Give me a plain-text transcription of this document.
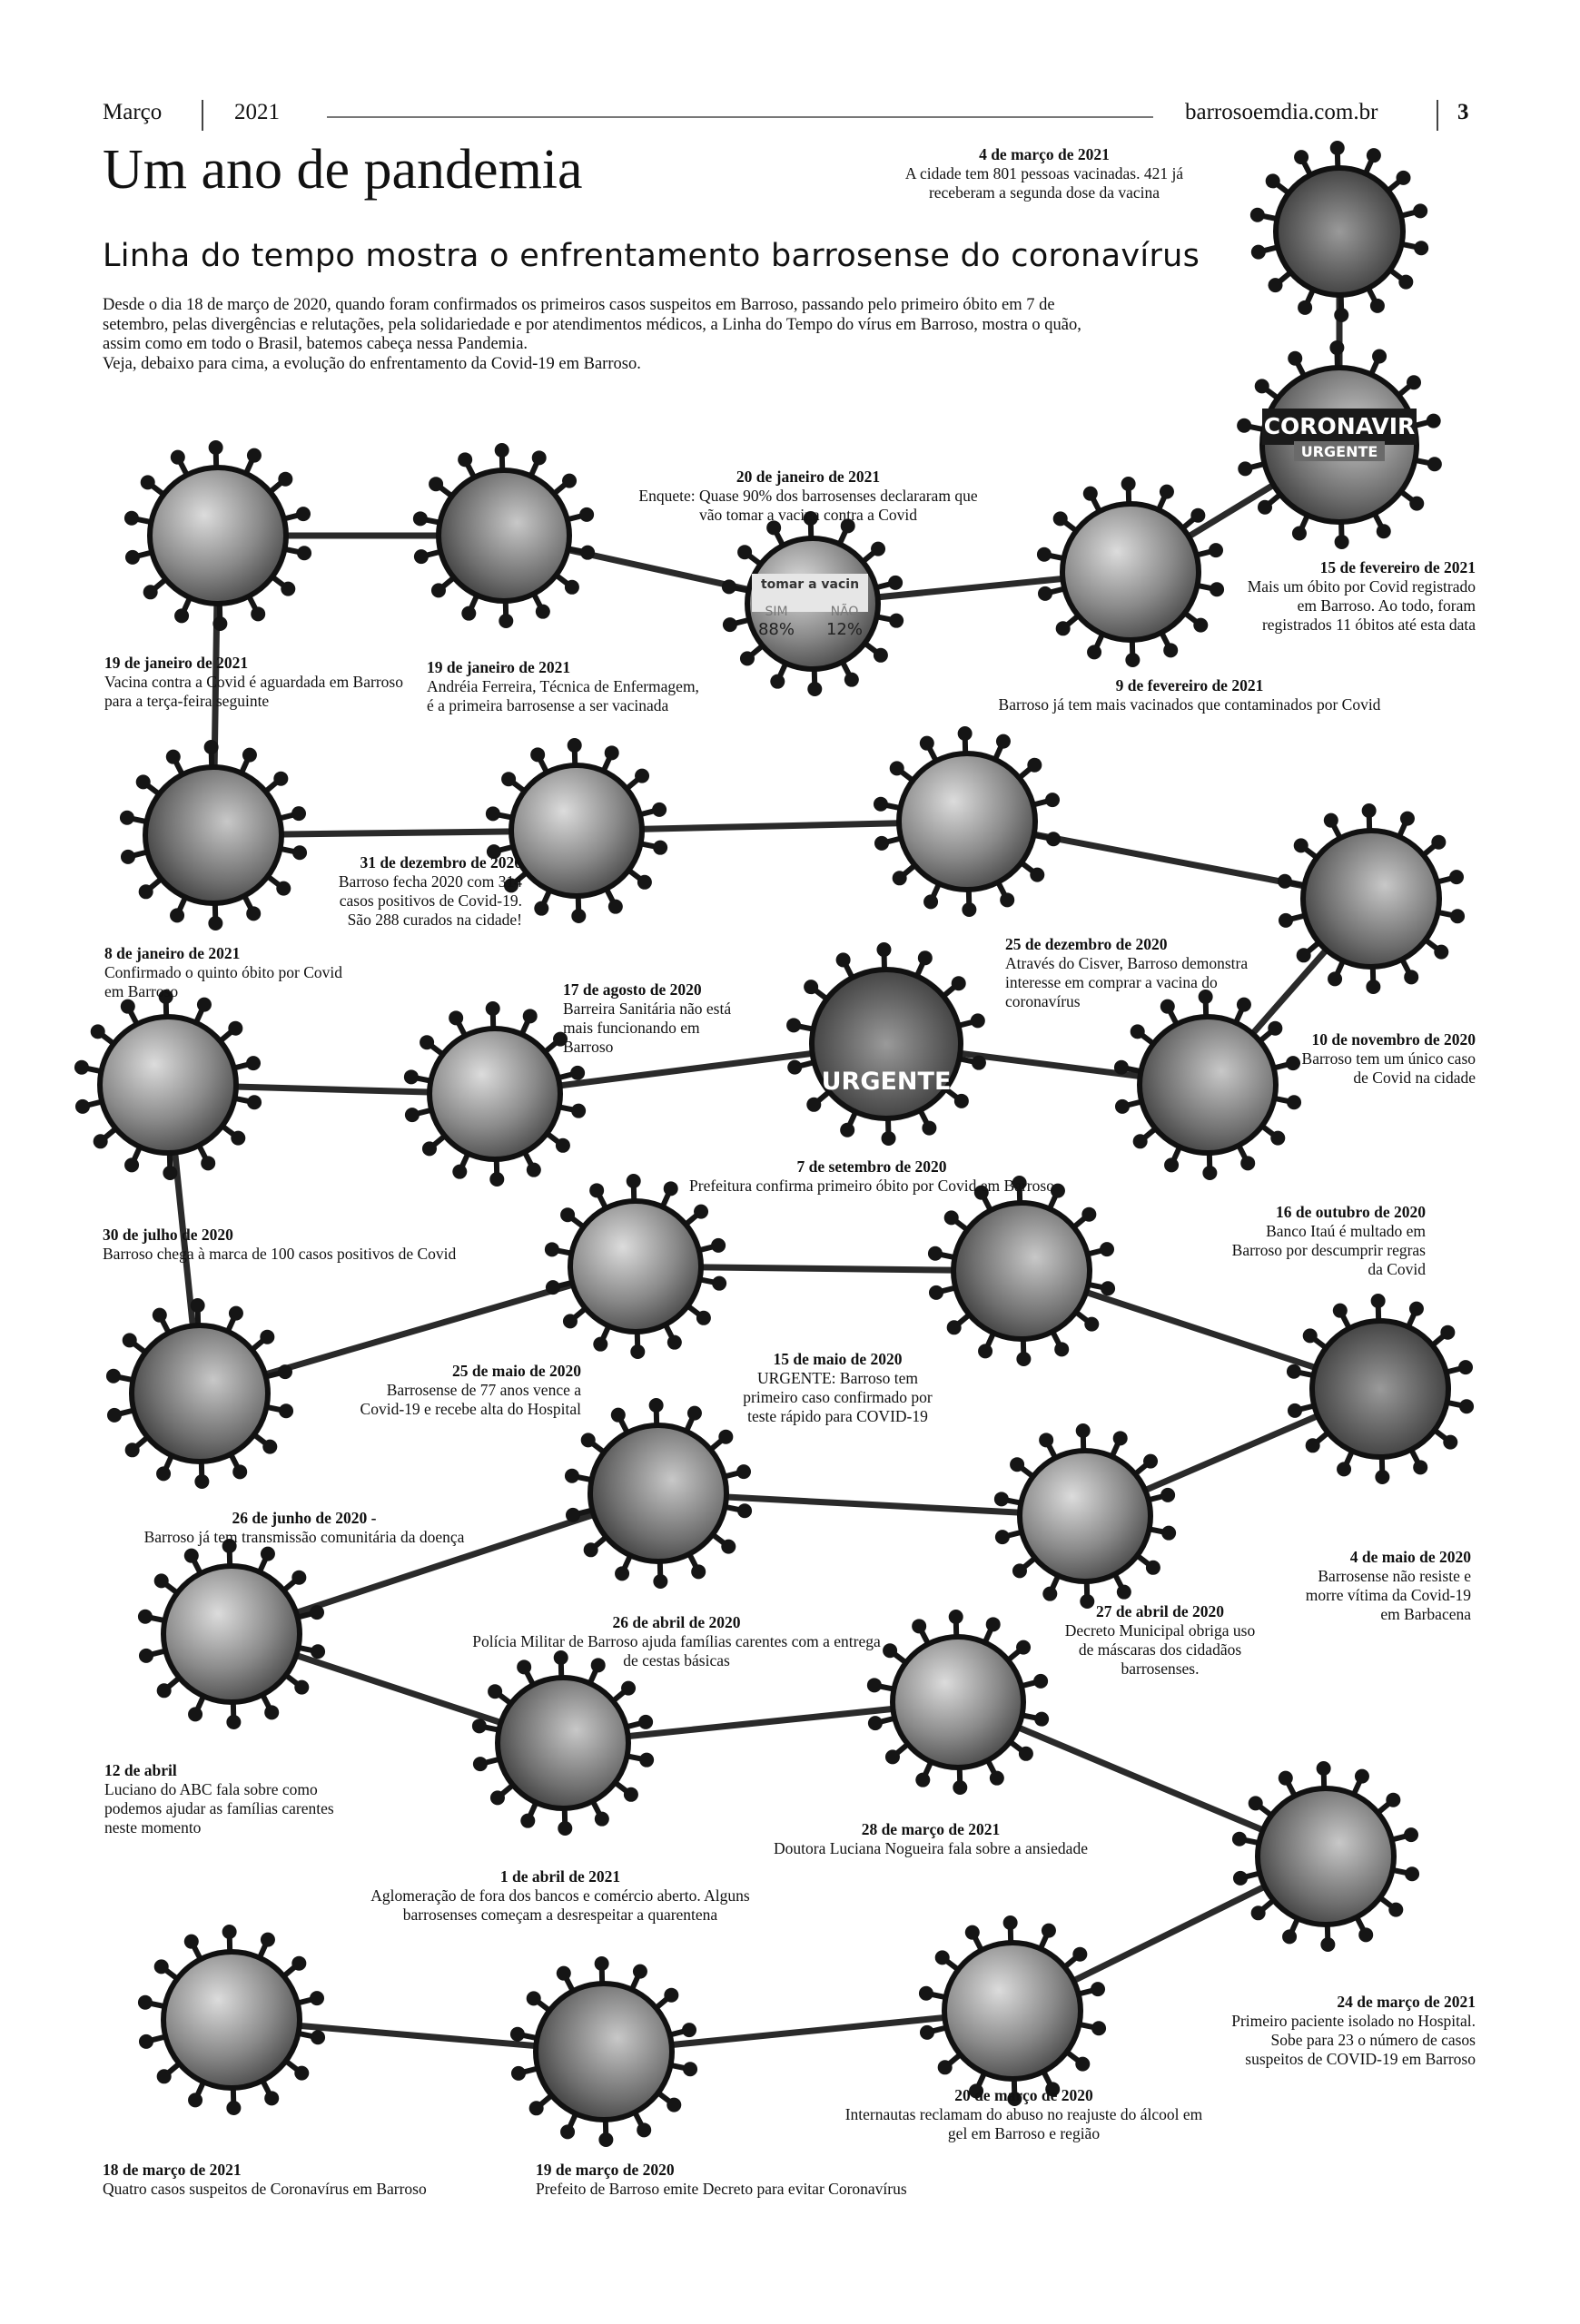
Março	2021	barrosoemdia.com.br	3
Um ano de pandemia
Linha do tempo mostra o enfrentamento barrosense do coronavírus

Desde o dia 18 de março de 2020, quando foram confirmados os primeiros casos suspeitos em Barroso, passando pelo primeiro óbito em 7 de setembro, pelas divergências e relutações, pela solidariedade e por atendimentos médicos, a Linha do Tempo do vírus em Barroso, mostra o quão, assim como em todo o Brasil, batemos cabeça nessa Pandemia.

Veja, debaixo para cima, a evolução do enfrentamento da Covid-19 em Barroso.

CORONAVIR
URGENTE
URGENTE
tomar a vacin
SIM
88%
NÃO
12%
4 de março de 2021
A cidade tem 801 pessoas vacinadas. 421 já receberam a segunda dose da vacina
15 de fevereiro de 2021
Mais um óbito por Covid registrado em Barroso. Ao todo, foram registrados 11 óbitos até esta data
9 de fevereiro de 2021
Barroso já tem mais vacinados que contaminados por Covid
20 de janeiro de 2021
Enquete: Quase 90% dos barrosenses declararam que vão tomar a vacina contra a Covid
19 de janeiro de 2021
Andréia Ferreira, Técnica de Enfermagem, é a primeira barrosense a ser vacinada
19 de janeiro de 2021
Vacina contra a Covid é aguardada em Barroso para a terça-feira seguinte
8 de janeiro de 2021
Confirmado o quinto óbito por Covid em Barroso
31 de dezembro de 2020
Barroso fecha 2020 com 314 casos positivos de Covid-19. São 288 curados na cidade!
25 de dezembro de 2020
Através do Cisver, Barroso demonstra interesse em comprar a vacina do coronavírus
10 de novembro de 2020
Barroso tem um único caso de Covid na cidade
16 de outubro de 2020
Banco Itaú é multado em Barroso por descumprir regras da Covid
7 de setembro de 2020
Prefeitura confirma primeiro óbito por Covid em Barroso
17 de agosto de 2020
Barreira Sanitária não está mais funcionando em Barroso
30 de julho de 2020
Barroso chega à marca de 100 casos positivos de Covid
26 de junho de 2020 -
Barroso já tem transmissão comunitária da doença
25 de maio de 2020
Barrosense de 77 anos vence a Covid-19 e recebe alta do Hospital
15 de maio de 2020
URGENTE: Barroso tem primeiro caso confirmado por teste rápido para COVID-19
4 de maio de 2020
Barrosense não resiste e morre vítima da Covid-19 em Barbacena
27 de abril de 2020
Decreto Municipal obriga uso de máscaras dos cidadãos barrosenses.
26 de abril de 2020
Polícia Militar de Barroso ajuda famílias carentes com a entrega de cestas básicas
12 de abril
Luciano do ABC fala sobre como podemos ajudar as famílias carentes neste momento
1 de abril de 2021
Aglomeração de fora dos bancos e comércio aberto. Alguns barrosenses começam a desrespeitar a quarentena
28 de março de 2021
Doutora Luciana Nogueira fala sobre a ansiedade
24 de março de 2021
Primeiro paciente isolado no Hospital. Sobe para 23 o número de casos suspeitos de COVID-19 em Barroso
20 de março de 2020
Internautas reclamam do abuso no reajuste do álcool em gel em Barroso e região
19 de março de 2020
Prefeito de Barroso emite Decreto para evitar Coronavírus
18 de março de 2021
Quatro casos suspeitos de Coronavírus em Barroso
